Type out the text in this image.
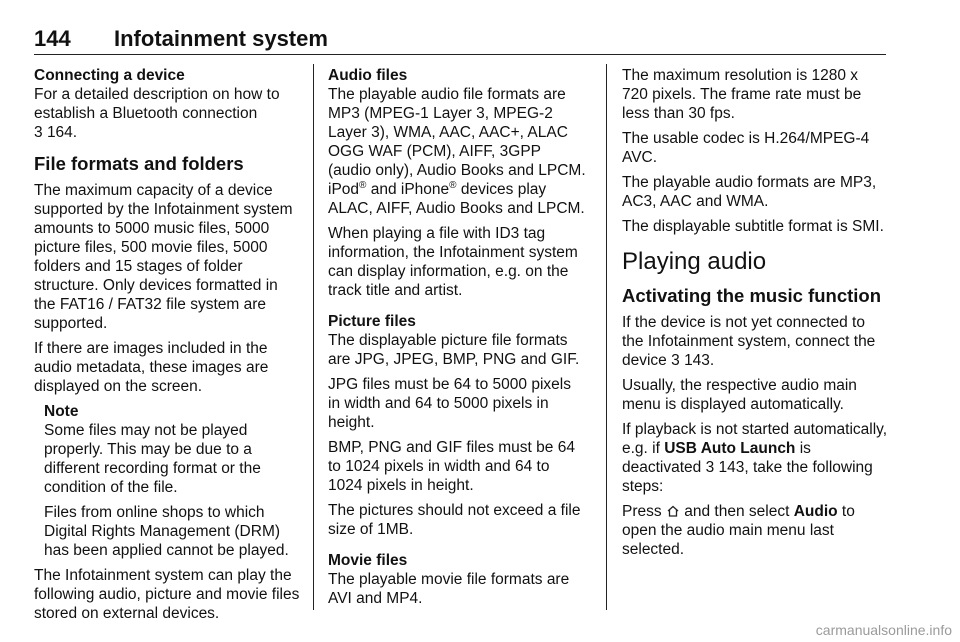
144 Infotainment system
Connecting a device

For a detailed description on how to establish a Bluetooth connection
3 164.

File formats and folders

The maximum capacity of a device supported by the Infotainment system amounts to 5000 music files, 5000 picture files, 500 movie files, 5000 folders and 15 stages of folder structure. Only devices formatted in the FAT16 / FAT32 file system are supported.

If there are images included in the audio metadata, these images are displayed on the screen.

Note

Some files may not be played properly. This may be due to a different recording format or the condition of the file.

Files from online shops to which Digital Rights Management (DRM) has been applied cannot be played.

The Infotainment system can play the following audio, picture and movie files stored on external devices.

Audio files

The playable audio file formats are MP3 (MPEG-1 Layer 3, MPEG-2 Layer 3), WMA, AAC, AAC+, ALAC OGG WAF (PCM), AIFF, 3GPP (audio only), Audio Books and LPCM. iPod® and iPhone® devices play ALAC, AIFF, Audio Books and LPCM.

When playing a file with ID3 tag information, the Infotainment system can display information, e.g. on the track title and artist.

Picture files

The displayable picture file formats are JPG, JPEG, BMP, PNG and GIF.

JPG files must be 64 to 5000 pixels in width and 64 to 5000 pixels in height.

BMP, PNG and GIF files must be 64 to 1024 pixels in width and 64 to 1024 pixels in height.

The pictures should not exceed a file size of 1MB.

Movie files

The playable movie file formats are AVI and MP4.

The maximum resolution is 1280 x 720 pixels. The frame rate must be less than 30 fps.

The usable codec is H.264/MPEG-4 AVC.

The playable audio formats are MP3, AC3, AAC and WMA.

The displayable subtitle format is SMI.

Playing audio
Activating the music function

If the device is not yet connected to the Infotainment system, connect the device 3 143.

Usually, the respective audio main menu is displayed automatically.

If playback is not started automatically, e.g. if USB Auto Launch is deactivated 3 143, take the following steps:

Press and then select Audio to open the audio main menu last selected.

carmanualsonline.info
